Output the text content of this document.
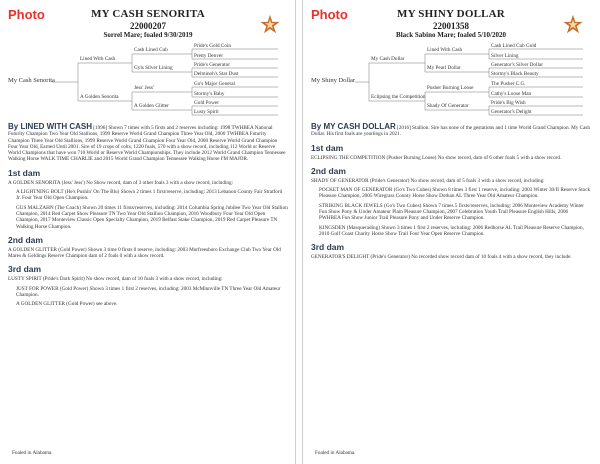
Photo	MY CASH SENORITA
22000207
Sorrel Mare; foaled 9/30/2019
My Cash Senorita
Lined With Cash
A Golden Senorita
Cash Lined Cub
Gyls Silver Lining
Jess' Jess'
A Golden Glitter
Pride's Gold Coin
Pretty Denver
Pride's Generator
Delminoh's Star Dust
Go's Major General
Stormy's Baby
Gold Power
Lusty Spirit

By LINED WITH CASH [1996] Shown 7 times with 5 firsts and 2 reserves including: 1998 TWHBEA National Futurity Champion Two Year Old Stallions, 1999 Reserve World Grand Champion Three Year Old, 2000 TWHBEA Futurity Champion Three Year Old Stallions, 1999 Reserve World Grand Champion Four Year Old, 2000 Reserve World Grand Champion Four Year Old, Earned Until 2001. Sire of 19 crops of colts, 1220 foals, 570 with a show record, including 112 World or Reserve World Champions that have won 710 World or Reserve World Championships. They include 2012 World Grand Champion Tennessee Walking Horse WALK TIME CHARLIE and 2015 World Grand Champion Tennessee Walking Horse I'M MAJOR.

1st dam

A GOLDEN SENORITA (Jess' Jess') No Show record, dam of 3 other foals 3 with a show record, including:

A LIGHTNING BOLT (He's Pushin' On The Blu) Shown 2 times 1 first/reserve, including: 2013 Lebanon County Fair Stratford Jr. Four Year Old Open Champion.

GUS MALZAHN (The Coach) Shown 20 times 11 firsts/reserves, including: 2014 Columbia Spring Jubilee Two Year Old Stallion Champion, 2014 Red Carpet Show Pleasure TN Two Year Old Stallion Champion, 2016 Woodbury Four Year Old Open Champion, 2017 Monteview Classic Open Specialty Champion, 2019 Belfast Stake Champion, 2019 Red Carpet Pleasure TN Walking Horse Champion.

2nd dam

A GOLDEN GLITTER (Gold Power) Shown 3 time 0 firsts 0 reserve, including: 2003 Murfreesboro Exchange Club Two Year Old Mares & Geldings Reserve Champion dam of 2 foals 0 with a show record.

3rd dam

LUSTY SPIRIT (Pride's Dark Spirit) No show record, dam of 10 foals 3 with a show record, including:

JUST FOR POWER (Gold Power) Shown 3 times 1 first 2 reserves, including: 2003 McMinnville TN Three Year Old Amateur Champion.

A GOLDEN GLITTER (Gold Power) see above.

Foaled in Alabama.
Photo	MY SHINY DOLLAR
22001358
Black Sabino Mare; foaled 5/10/2020
My Shiny Dollar
My Cash Dollar
Eclipsing the Competition
Lined With Cash
My Pearl Dollar
Pusher Burning Loose
Shady Of Generator
Cash Lined Cub Gold
Silver Lining
Generator's Silver Dollar
Stormy's Black Beauty
The Pusher C.G.
Cathy's Loose Man
Pride's Big Wish
Generator's Delight

By MY CASH DOLLAR [2016] Stallion. Sire has none of the gestations and 1 time World Grand Champion. My Cash Dollar. His first foals are yearlings in 2021.

1st dam

ECLIPSING THE COMPETITION (Pusher Burning Loose) No show record, dam of 6 other foals 5 with a show record.

2nd dam

SHADY OF GENERATOR (Pride's Generator) No show record, dam of 5 foals 3 with a show record, including:

POCKET MAN OF GENERATOR (Go's Two Cubes) Shown 8 times 3 first 1 reserve, including: 2003 Winter 30/II Reserve Stock Pleasure Champion, 2005 Wiregrass County Horse Show Dothan AL Three Year Old Amateur Champion.

STRIKING BLACK JEWELS (Go's Two Cubes) Shown 7 times 5 firsts/reserves, including: 2006 Monteview Academy Winter Fun Show Pony & Under Amateur Plain Pleasure Champion, 2007 Celebration Youth Trail Pleasure English Hills, 2006 PWHBEA Fun Show Junior Trail Pleasure Pony and Under Reserve Champion.

KINGSDEN (Masquerading) Shown 3 times 1 first 2 reserves, including: 2006 Redhorse AL Trail Pleasure Reserve Champion, 2010 Gulf Coast Charity Horse Show Trail Four Year Open Reserve Champion.

3rd dam

GENERATOR'S DELIGHT (Pride's Generator) No recorded show record dam of 10 foals 4 with a show record, they include.

Foaled in Alabama.
